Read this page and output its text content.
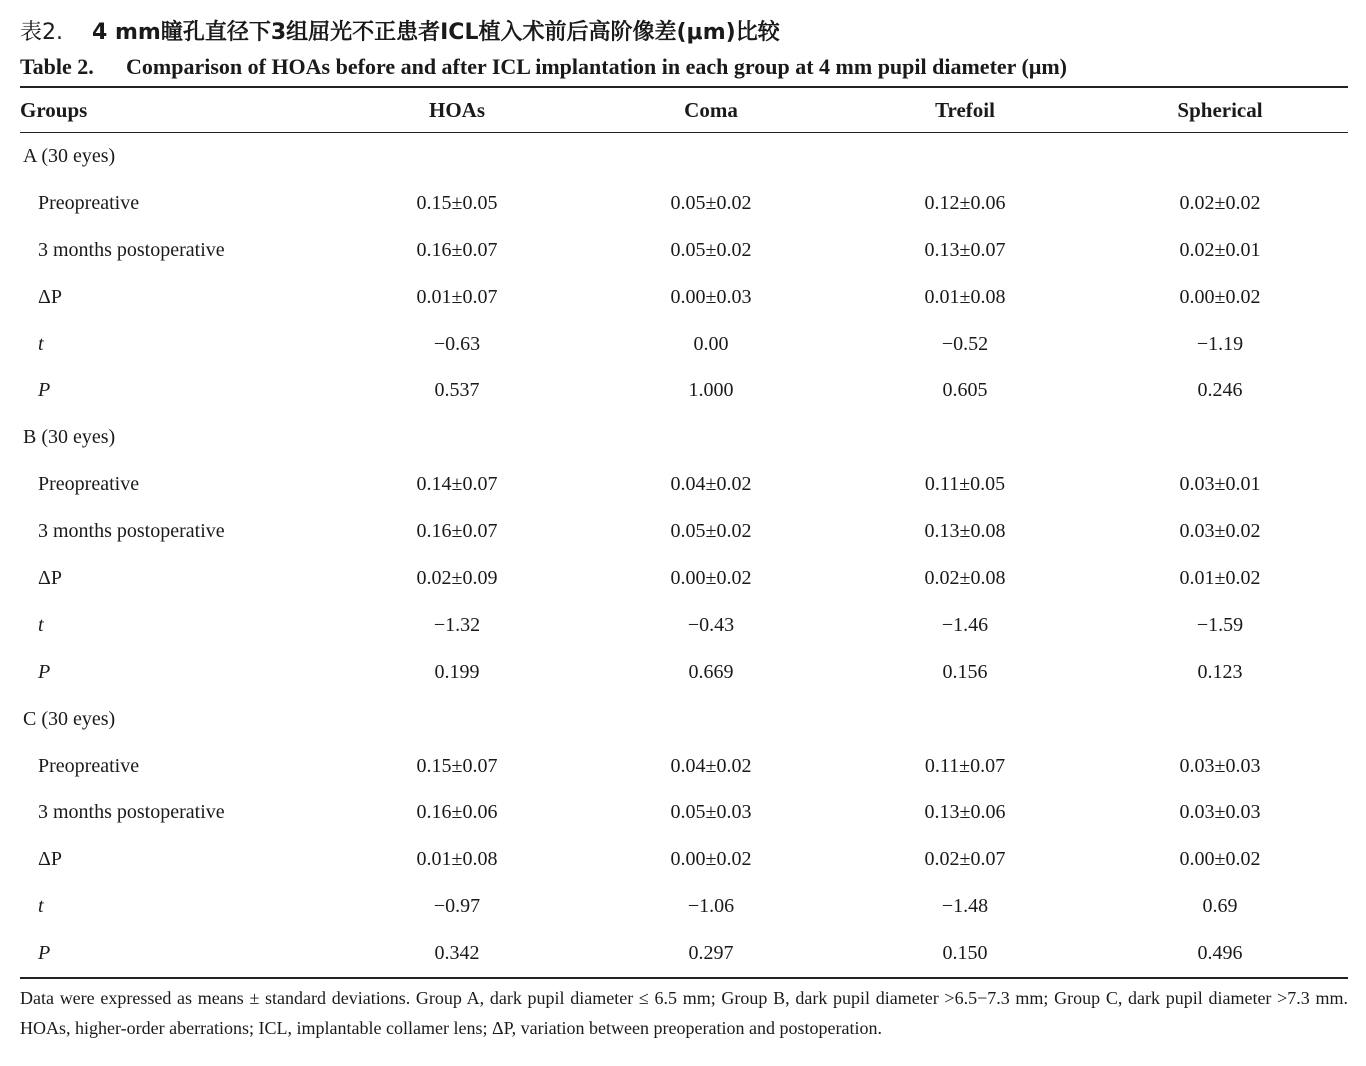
表2. 4 mm瞳孔直径下3组屈光不正患者ICL植入术前后高阶像差(μm)比较
Table 2. Comparison of HOAs before and after ICL implantation in each group at 4 mm pupil diameter (μm)
Groups	HOAs	Coma	Trefoil	Spherical
A (30 eyes)				
Preopreative	0.15±0.05	0.05±0.02	0.12±0.06	0.02±0.02
3 months postoperative	0.16±0.07	0.05±0.02	0.13±0.07	0.02±0.01
ΔP	0.01±0.07	0.00±0.03	0.01±0.08	0.00±0.02
t	−0.63	0.00	−0.52	−1.19
P	0.537	1.000	0.605	0.246
B (30 eyes)				
Preopreative	0.14±0.07	0.04±0.02	0.11±0.05	0.03±0.01
3 months postoperative	0.16±0.07	0.05±0.02	0.13±0.08	0.03±0.02
ΔP	0.02±0.09	0.00±0.02	0.02±0.08	0.01±0.02
t	−1.32	−0.43	−1.46	−1.59
P	0.199	0.669	0.156	0.123
C (30 eyes)				
Preopreative	0.15±0.07	0.04±0.02	0.11±0.07	0.03±0.03
3 months postoperative	0.16±0.06	0.05±0.03	0.13±0.06	0.03±0.03
ΔP	0.01±0.08	0.00±0.02	0.02±0.07	0.00±0.02
t	−0.97	−1.06	−1.48	0.69
P	0.342	0.297	0.150	0.496
Data were expressed as means ± standard deviations. Group A, dark pupil diameter ≤ 6.5 mm; Group B, dark pupil diameter >6.5−7.3 mm; Group C, dark pupil diameter >7.3 mm. HOAs, higher-order aberrations; ICL, implantable collamer lens; ΔP, variation between preoperation and postoperation.
